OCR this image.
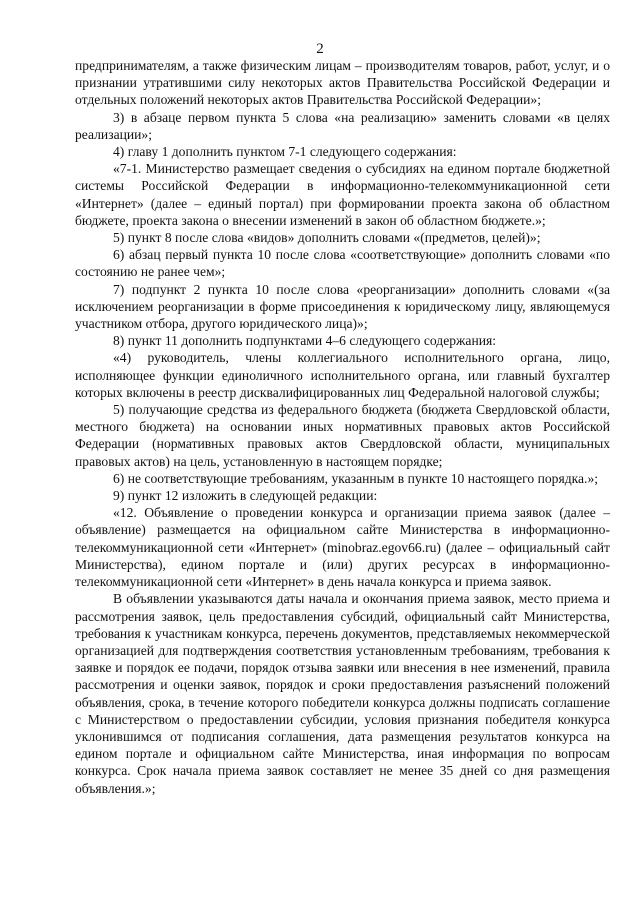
2

предпринимателям, а также физическим лицам – производителям товаров, работ, услуг, и о признании утратившими силу некоторых актов Правительства Российской Федерации и отдельных положений некоторых актов Правительства Российской Федерации»;

3) в абзаце первом пункта 5 слова «на реализацию» заменить словами «в целях реализации»;

4) главу 1 дополнить пунктом 7-1 следующего содержания:

«7-1. Министерство размещает сведения о субсидиях на едином портале бюджетной системы Российской Федерации в информационно-телекоммуникационной сети «Интернет» (далее – единый портал) при формировании проекта закона об областном бюджете, проекта закона о внесении изменений в закон об областном бюджете.»;

5) пункт 8 после слова «видов» дополнить словами «(предметов, целей)»;

6) абзац первый пункта 10 после слова «соответствующие» дополнить словами «по состоянию не ранее чем»;

7) подпункт 2 пункта 10 после слова «реорганизации» дополнить словами «(за исключением реорганизации в форме присоединения к юридическому лицу, являющемуся участником отбора, другого юридического лица)»;

8) пункт 11 дополнить подпунктами 4–6 следующего содержания:

«4) руководитель, члены коллегиального исполнительного органа, лицо, исполняющее функции единоличного исполнительного органа, или главный бухгалтер которых включены в реестр дисквалифицированных лиц Федеральной налоговой службы;

5) получающие средства из федерального бюджета (бюджета Свердловской области, местного бюджета) на основании иных нормативных правовых актов Российской Федерации (нормативных правовых актов Свердловской области, муниципальных правовых актов) на цель, установленную в настоящем порядке;

6) не соответствующие требованиям, указанным в пункте 10 настоящего порядка.»;

9) пункт 12 изложить в следующей редакции:

«12. Объявление о проведении конкурса и организации приема заявок (далее – объявление) размещается на официальном сайте Министерства в информационно-телекоммуникационной сети «Интернет» (minobraz.egov66.ru) (далее – официальный сайт Министерства), едином портале и (или) других ресурсах в информационно-телекоммуникационной сети «Интернет» в день начала конкурса и приема заявок.

В объявлении указываются даты начала и окончания приема заявок, место приема и рассмотрения заявок, цель предоставления субсидий, официальный сайт Министерства, требования к участникам конкурса, перечень документов, представляемых некоммерческой организацией для подтверждения соответствия установленным требованиям, требования к заявке и порядок ее подачи, порядок отзыва заявки или внесения в нее изменений, правила рассмотрения и оценки заявок, порядок и сроки предоставления разъяснений положений объявления, срока, в течение которого победители конкурса должны подписать соглашение с Министерством о предоставлении субсидии, условия признания победителя конкурса уклонившимся от подписания соглашения, дата размещения результатов конкурса на едином портале и официальном сайте Министерства, иная информация по вопросам конкурса. Срок начала приема заявок составляет не менее 35 дней со дня размещения объявления.»;
